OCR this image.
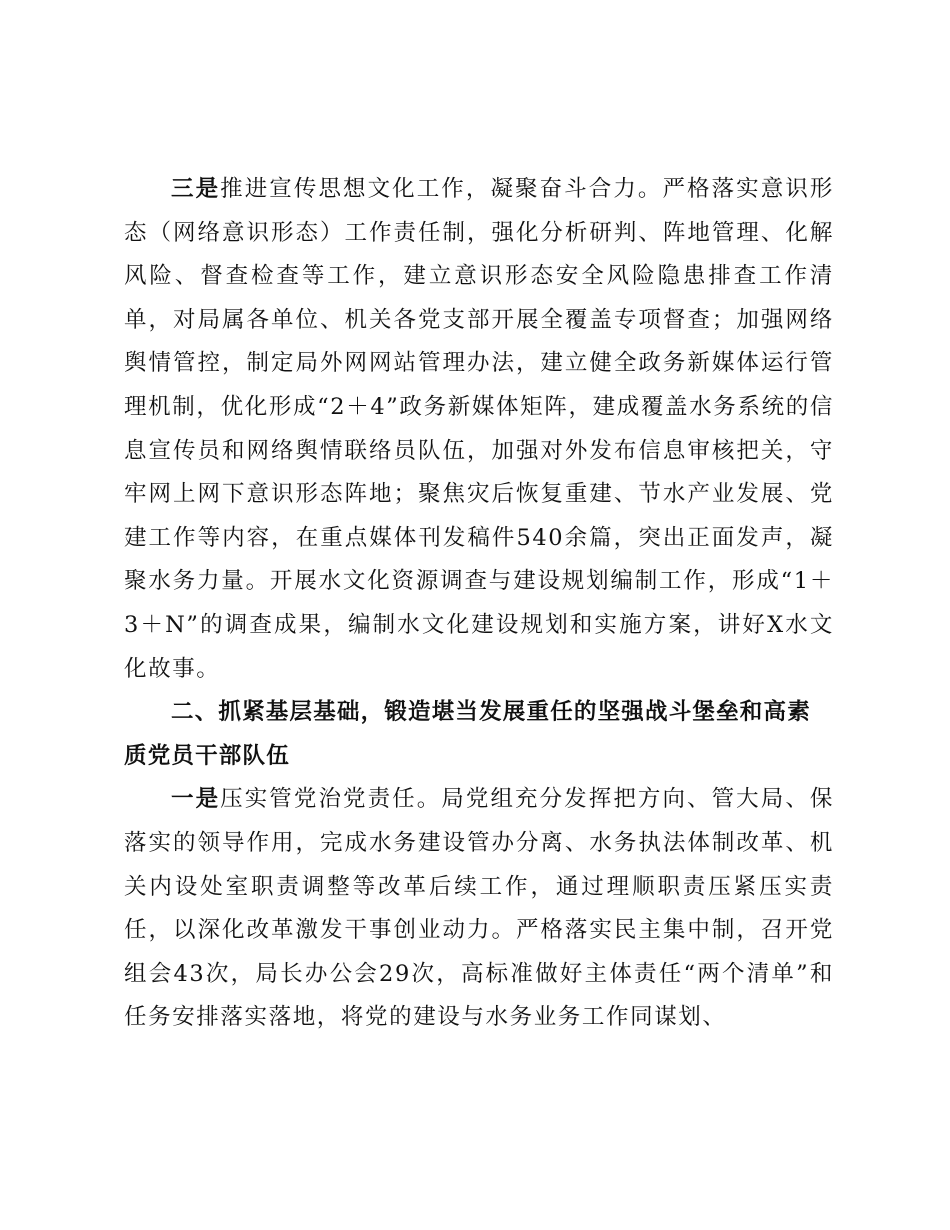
三是推进宣传思想文化工作，凝聚奋斗合力。严格落实意识形态（网络意识形态）工作责任制，强化分析研判、阵地管理、化解风险、督查检查等工作，建立意识形态安全风险隐患排查工作清单，对局属各单位、机关各党支部开展全覆盖专项督查；加强网络舆情管控，制定局外网网站管理办法，建立健全政务新媒体运行管理机制，优化形成“2＋4”政务新媒体矩阵，建成覆盖水务系统的信息宣传员和网络舆情联络员队伍，加强对外发布信息审核把关，守牢网上网下意识形态阵地；聚焦灾后恢复重建、节水产业发展、党建工作等内容，在重点媒体刊发稿件540余篇，突出正面发声，凝聚水务力量。开展水文化资源调查与建设规划编制工作，形成“1＋3＋N”的调查成果，编制水文化建设规划和实施方案，讲好X水文化故事。

二、抓紧基层基础，锻造堪当发展重任的坚强战斗堡垒和高素质党员干部队伍

一是压实管党治党责任。局党组充分发挥把方向、管大局、保落实的领导作用，完成水务建设管办分离、水务执法体制改革、机关内设处室职责调整等改革后续工作，通过理顺职责压紧压实责任，以深化改革激发干事创业动力。严格落实民主集中制，召开党组会43次，局长办公会29次，高标准做好主体责任“两个清单”和任务安排落实落地，将党的建设与水务业务工作同谋划、
